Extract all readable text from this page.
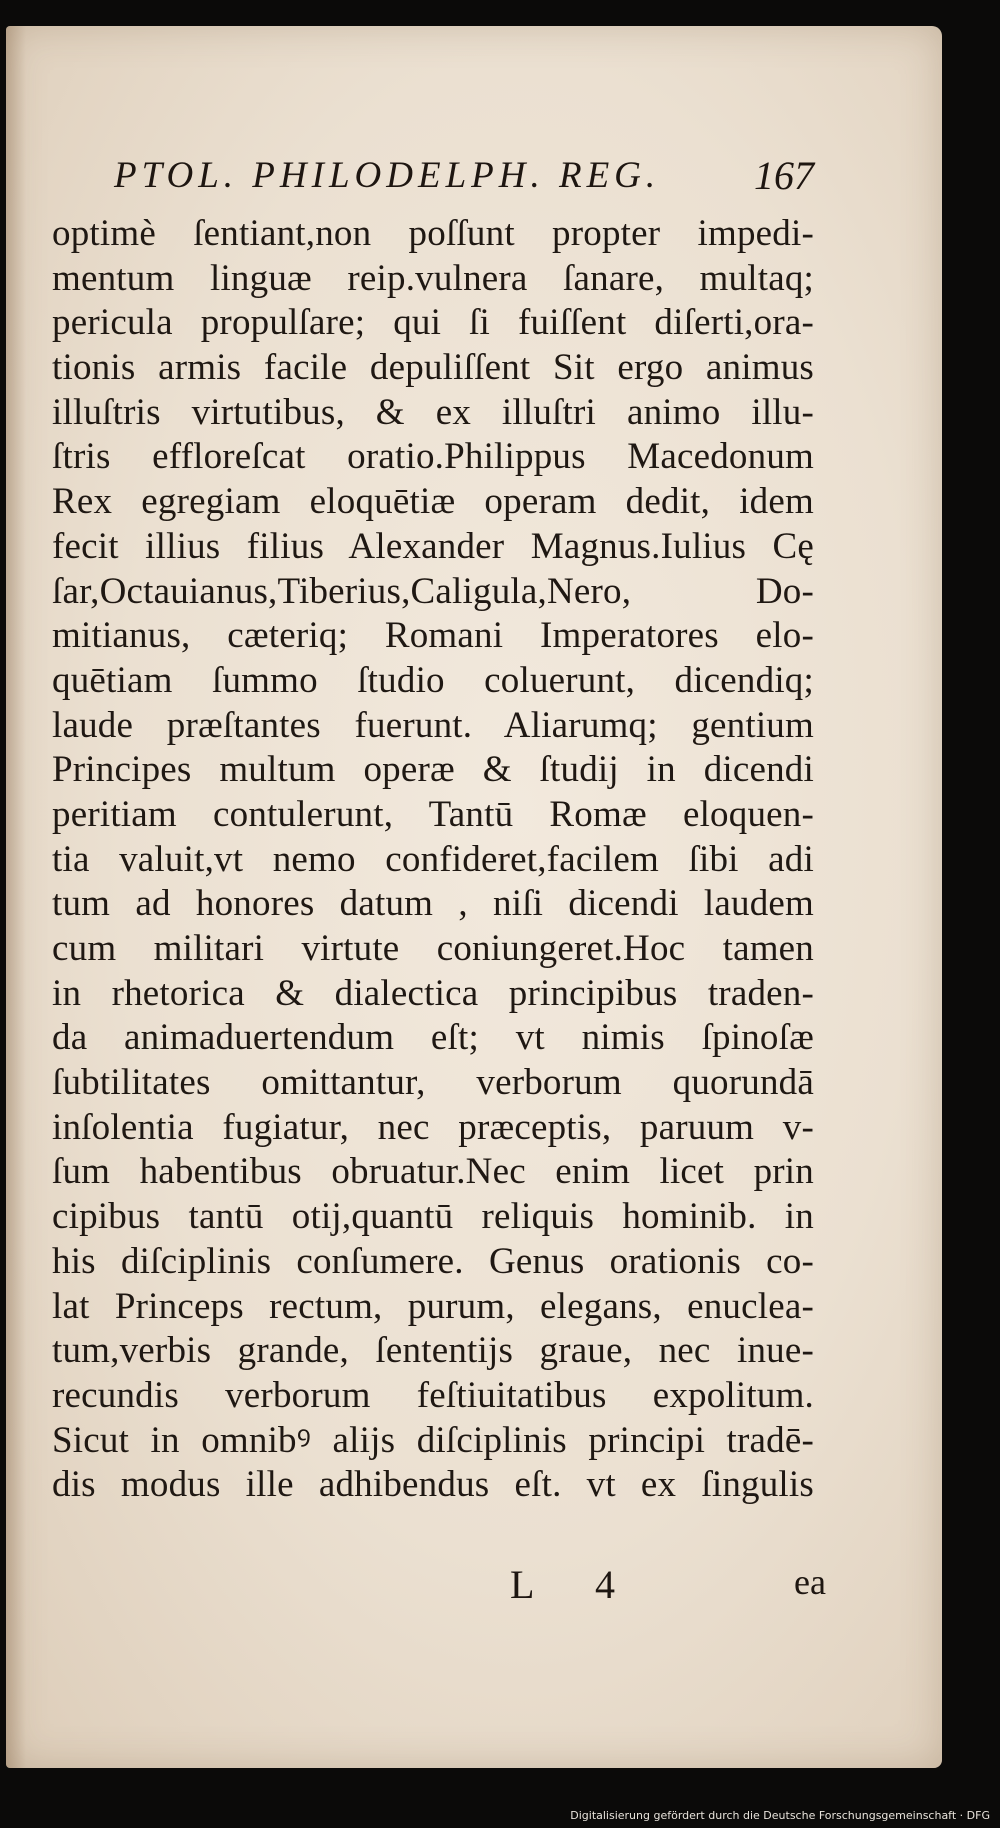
PTOL. PHILODELPH. REG. 167
optimè ſentiant,non poſſunt propter impedi-
mentum linguæ reip.vulnera ſanare, multaq;
pericula propulſare; qui ſi fuiſſent diſerti,ora-
tionis armis facile depuliſſent Sit ergo animus
illuſtris virtutibus, & ex illuſtri animo illu-
ſtris effloreſcat oratio.Philippus Macedonum
Rex egregiam eloquētiæ operam dedit, idem
fecit illius filius Alexander Magnus.Iulius Cę
ſar,Octauianus,Tiberius,Caligula,Nero, Do-
mitianus, cæteriq; Romani Imperatores elo-
quētiam ſummo ſtudio coluerunt, dicendiq;
laude præſtantes fuerunt. Aliarumq; gentium
Principes multum operæ & ſtudij in dicendi
peritiam contulerunt, Tantū Romæ eloquen-
tia valuit,vt nemo confideret,facilem ſibi adi
tum ad honores datum , niſi dicendi laudem
cum militari virtute coniungeret.Hoc tamen
in rhetorica & dialectica principibus traden-
da animaduertendum eſt; vt nimis ſpinoſæ
ſubtilitates omittantur, verborum quorundā
inſolentia fugiatur, nec præceptis, paruum v-
ſum habentibus obruatur.Nec enim licet prin
cipibus tantū otij,quantū reliquis hominib. in
his diſciplinis conſumere. Genus orationis co-
lat Princeps rectum, purum, elegans, enuclea-
tum,verbis grande, ſententijs graue, nec inue-
recundis verborum feſtiuitatibus expolitum.
Sicut in omnibꝰ alijs diſciplinis principi tradē-
dis modus ille adhibendus eſt. vt ex ſingulis
L 4	ea
Digitalisierung gefördert durch die Deutsche Forschungsgemeinschaft · DFG
